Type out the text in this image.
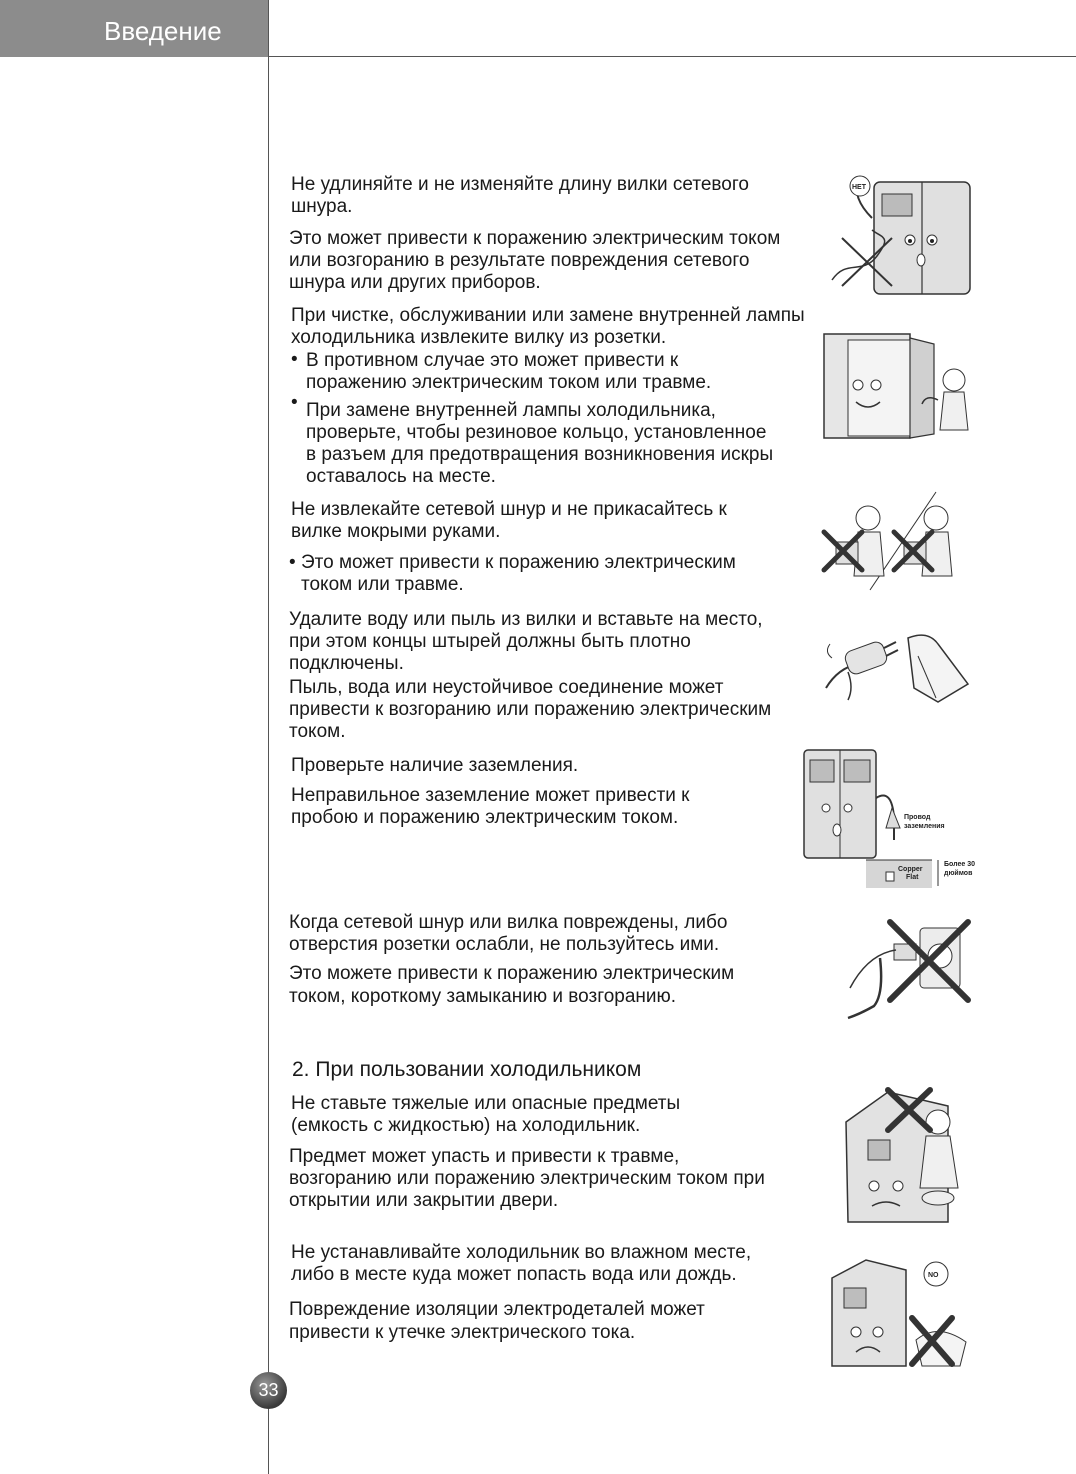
Введение
Не удлиняйте и не изменяйте длину вилки сетевого
шнура.
Это может привести к поражению электрическим током
или возгоранию в результате повреждения сетевого
шнура или других приборов.
При чистке, обслуживании или замене внутренней лампы
холодильника извлеките вилку из розетки.
• В противном случае это может привести к
поражению электрическим током или травме.
• При замене внутренней лампы холодильника,
проверьте, чтобы резиновое кольцо, установленное
в разъем для предотвращения возникновения искры
оставалось на месте.
Не извлекайте сетевой шнур и не прикасайтесь к
вилке мокрыми руками.
• Это может привести к поражению электрическим
током или травме.
Удалите воду или пыль из вилки и вставьте на место,
при этом концы штырей должны быть плотно
подключены.
Пыль, вода или неустойчивое соединение может
привести к возгоранию или поражению электрическим
током.
Проверьте наличие заземления.
Неправильное заземление может привести к
пробою и поражению электрическим током.
Когда сетевой шнур или вилка повреждены, либо
отверстия розетки ослабли, не пользуйтесь ими.
Это можете привести к поражению электрическим
током, короткому замыканию и возгоранию.
2. При пользовании холодильником
Не ставьте тяжелые или опасные предметы
(емкость с жидкостью) на холодильник.
Предмет может упасть и привести к травме,
возгоранию или поражению электрическим током при
открытии или закрытии двери.
Не устанавливайте холодильник во влажном месте,
либо в месте куда может попасть вода или дождь.
Повреждение изоляции электродеталей может
привести к утечке электрического тока.
НЕТ
Провод
заземления
Copper
Flat
Более 30
дюймов
NO
33
